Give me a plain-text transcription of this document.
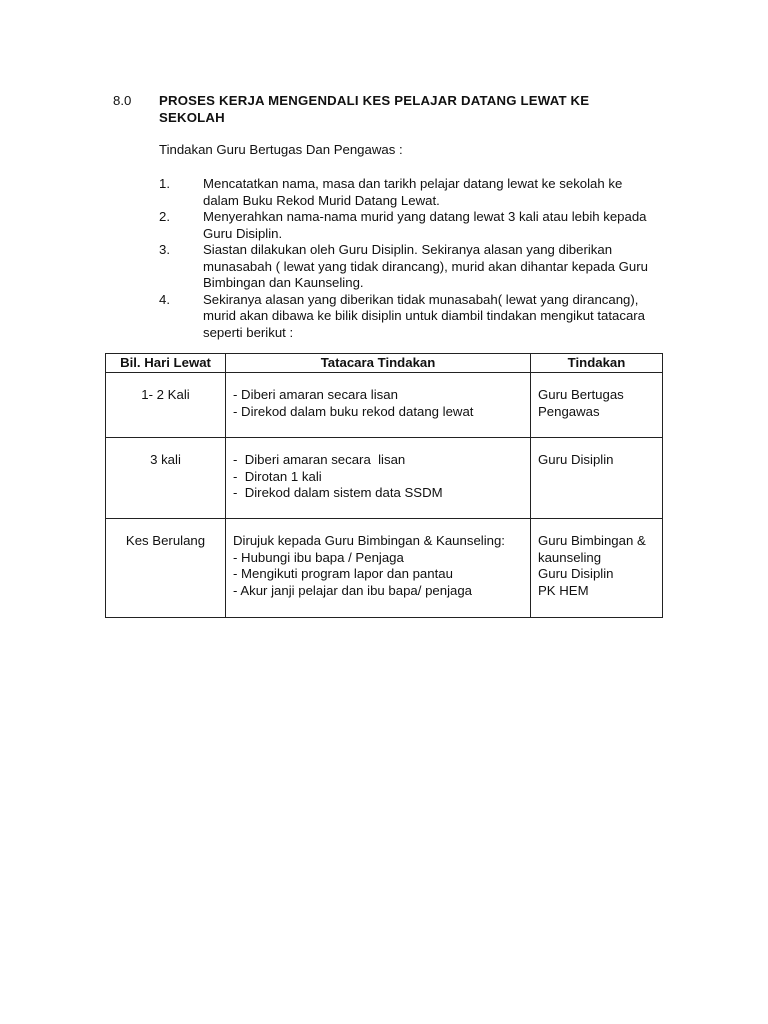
8.0 PROSES KERJA MENGENDALI KES PELAJAR DATANG LEWAT KE SEKOLAH
Tindakan Guru Bertugas Dan Pengawas :
1.	Mencatatkan nama, masa dan tarikh pelajar datang lewat ke sekolah ke dalam Buku Rekod Murid Datang Lewat.
2.	Menyerahkan nama-nama murid yang datang lewat 3 kali atau lebih kepada Guru Disiplin.
3.	Siastan dilakukan oleh Guru Disiplin. Sekiranya alasan yang diberikan munasabah ( lewat yang tidak dirancang), murid akan dihantar kepada Guru Bimbingan dan Kaunseling.
4.	Sekiranya alasan yang diberikan tidak munasabah( lewat yang dirancang), murid akan dibawa ke bilik disiplin untuk diambil tindakan mengikut tatacara seperti berikut :
Bil. Hari Lewat	Tatacara Tindakan	Tindakan
1- 2 Kali	- Diberi amaran secara lisan
- Direkod dalam buku rekod datang lewat	Guru Bertugas
Pengawas

3 kali	-  Diberi amaran secara  lisan
-  Dirotan 1 kali
-  Direkod dalam sistem data SSDM	Guru Disiplin

Kes Berulang	Dirujuk kepada Guru Bimbingan & Kaunseling:
- Hubungi ibu bapa / Penjaga
- Mengikuti program lapor dan pantau
- Akur janji pelajar dan ibu bapa/ penjaga	Guru Bimbingan &
kaunseling
Guru Disiplin
PK HEM
